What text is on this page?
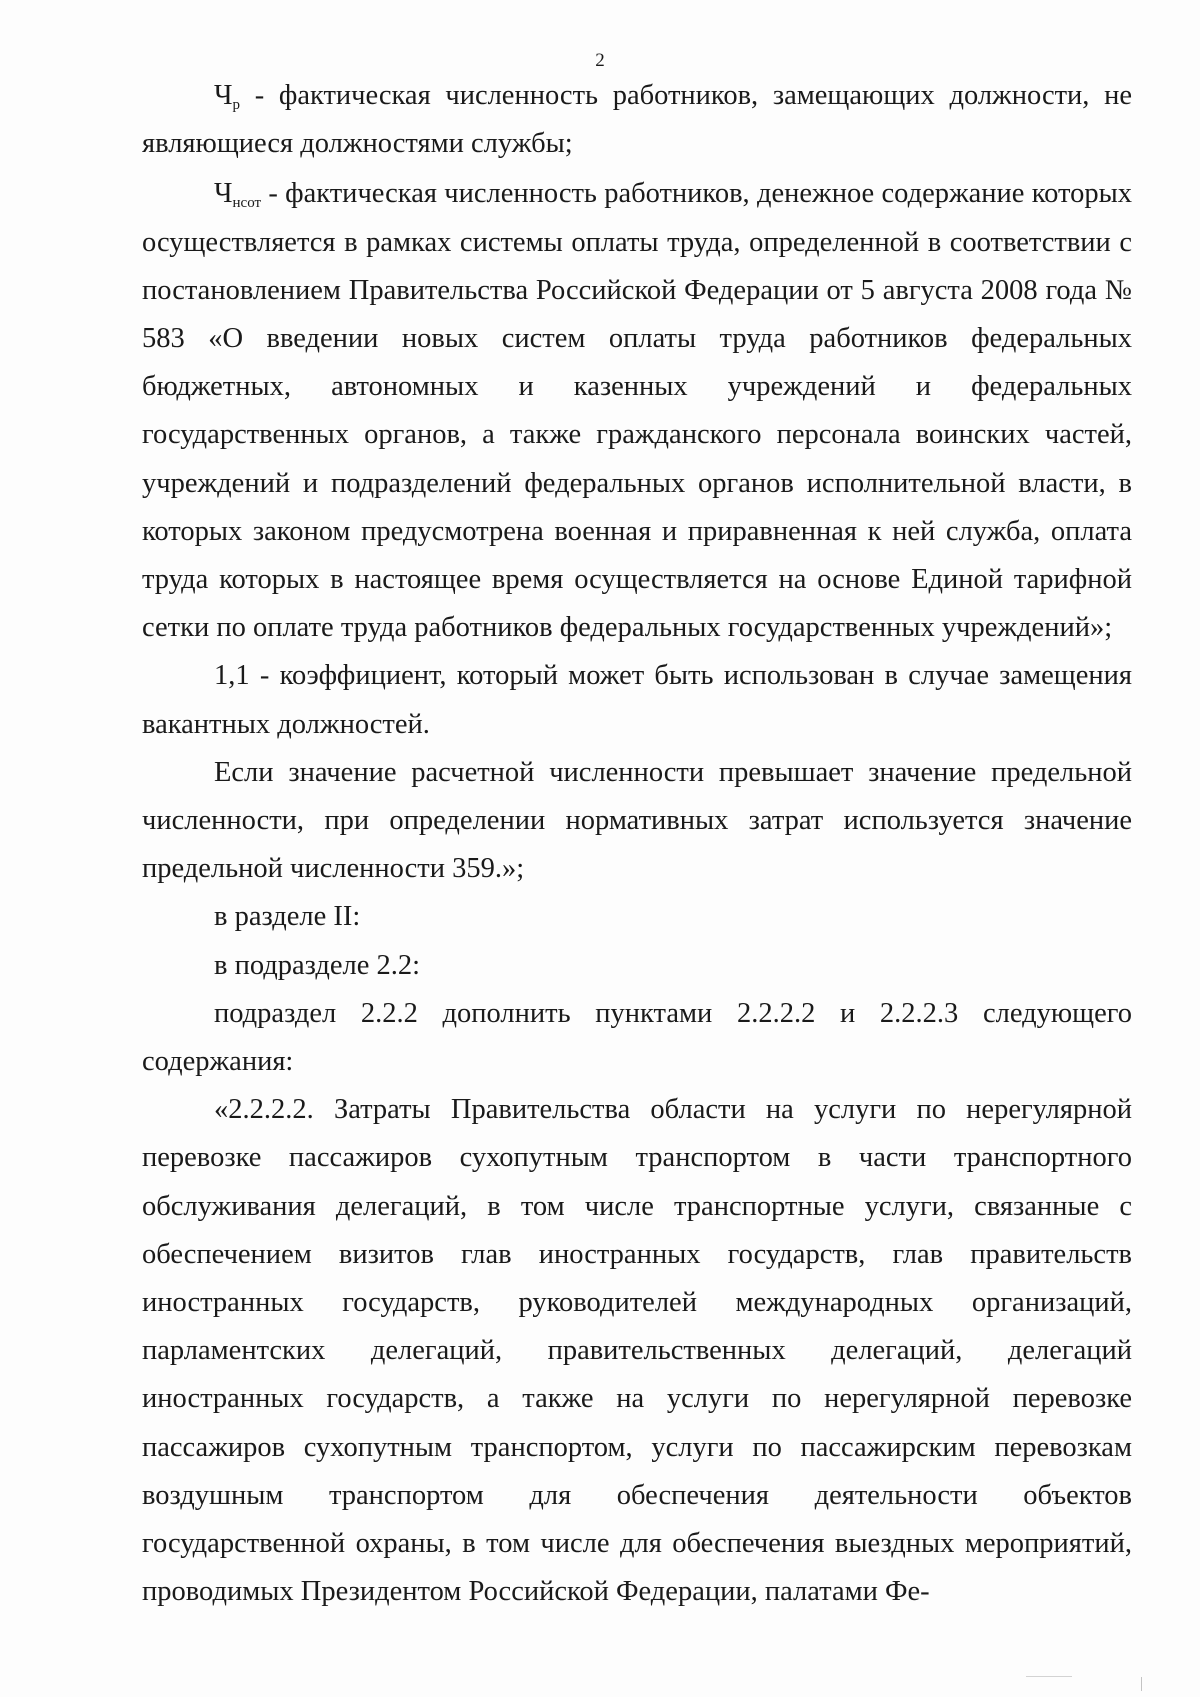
2

$Ч_р$ - фактическая численность работников, замещающих должности, не являющиеся должностями службы;

$Ч_{нсот}$ - фактическая численность работников, денежное содержание которых осуществляется в рамках системы оплаты труда, определенной в соответствии с постановлением Правительства Российской Федерации от 5 августа 2008 года № 583 «О введении новых систем оплаты труда работников федеральных бюджетных, автономных и казенных учреждений и федеральных государственных органов, а также гражданского персонала воинских частей, учреждений и подразделений федеральных органов исполнительной власти, в которых законом предусмотрена военная и приравненная к ней служба, оплата труда которых в настоящее время осуществляется на основе Единой тарифной сетки по оплате труда работников федеральных государственных учреждений»;

1,1 - коэффициент, который может быть использован в случае замещения вакантных должностей.

Если значение расчетной численности превышает значение предельной численности, при определении нормативных затрат используется значение предельной численности 359.»;

в разделе II:

в подразделе 2.2:

подраздел 2.2.2 дополнить пунктами 2.2.2.2 и 2.2.2.3 следующего содержания:

«2.2.2.2. Затраты Правительства области на услуги по нерегулярной перевозке пассажиров сухопутным транспортом в части транспортного обслуживания делегаций, в том числе транспортные услуги, связанные с обеспечением визитов глав иностранных государств, глав правительств иностранных государств, руководителей международных организаций, парламентских делегаций, правительственных делегаций, делегаций иностранных государств, а также на услуги по нерегулярной перевозке пассажиров сухопутным транспортом, услуги по пассажирским перевозкам воздушным транспортом для обеспечения деятельности объектов государственной охраны, в том числе для обеспечения выездных мероприятий, проводимых Президентом Российской Федерации, палатами Фе-
